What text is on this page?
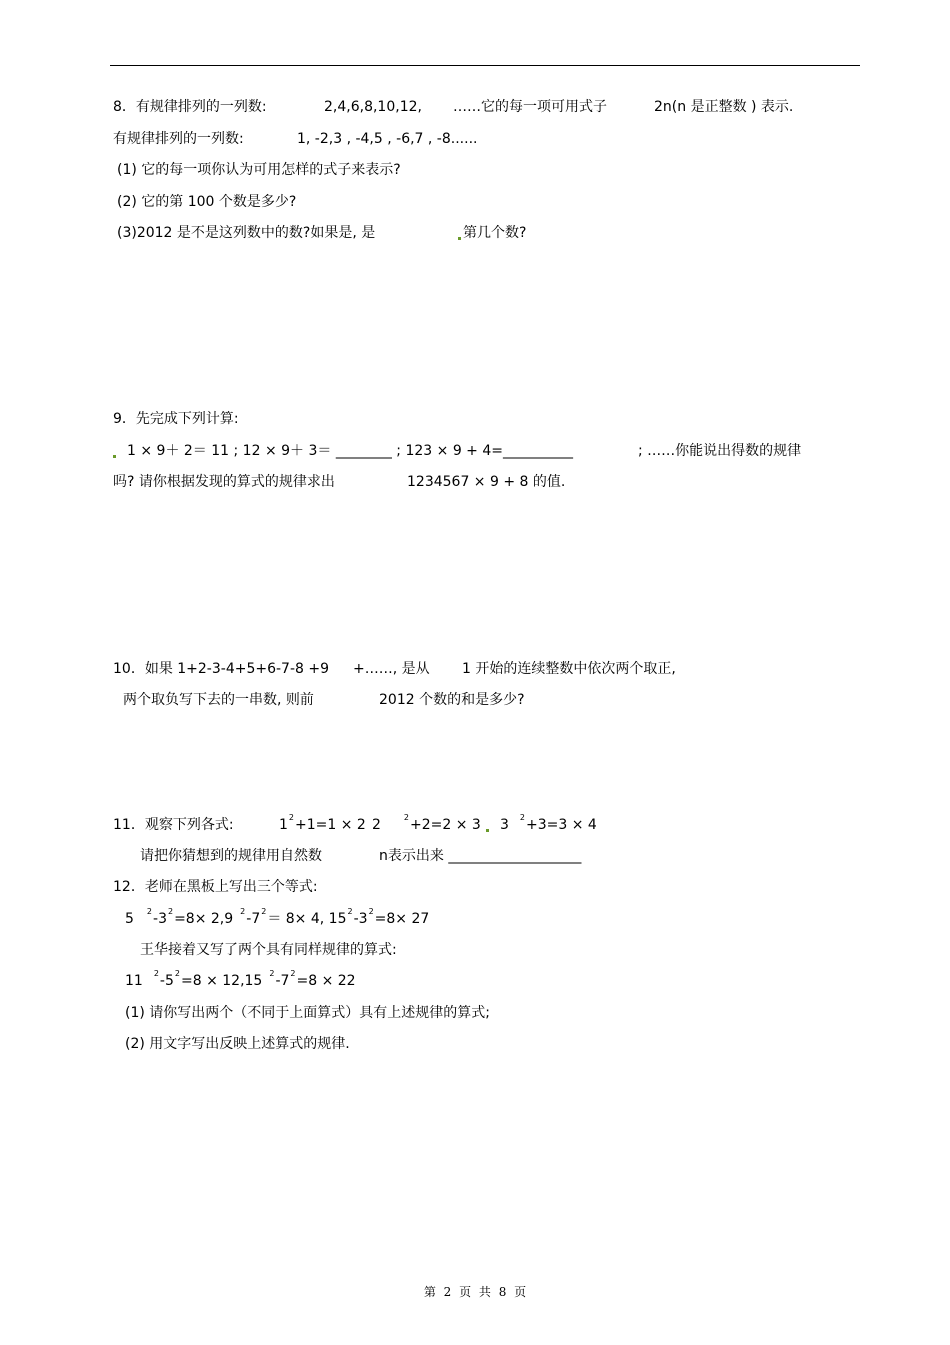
8．有规律排列的一列数:	2,4,6,8,10,12, ……它的每一项可用式子	2n(n 是正整数 ) 表示.
有规律排列的一列数:	1, -2,3 , -4,5 , -6,7 , -8......
(1) 它的每一项你认为可用怎样的式子来表示?
(2) 它的第 100 个数是多少?
(3)2012 是不是这列数中的数?如果是, 是	第几个数?
9．先完成下列计算:
1 × 9＋ 2＝ 11 ; 12 × 9＋ 3＝ ________ ; 123 × 9 + 4=__________	; ……你能说出得数的规律
吗? 请你根据发现的算式的规律求出	1234567 × 9 + 8 的值.
10．如果 1+2-3-4+5+6-7-8 +9 +……, 是从 1 开始的连续整数中依次两个取正,
两个取负写下去的一串数, 则前	2012 个数的和是多少?
11．观察下列各式:	$1^2+1=1 \times 2$ 2	$^2$+2=2 × 3 3 $^2$+3=3 × 4
请把你猜想到的规律用自然数	n表示出来 ___________________
12．老师在黑板上写出三个等式:
5 $^2-3^2=8\times 2,9$ $^2-7^2= 8\times 4$, $15^2-3^2=8\times 27$
王华接着又写了两个具有同样规律的算式:
11 $^2-5^2=8 \times 12,15$ $^2-7^2=8 \times 22$
(1) 请你写出两个（不同于上面算式）具有上述规律的算式;
(2) 用文字写出反映上述算式的规律.
第 2 页 共 8 页
